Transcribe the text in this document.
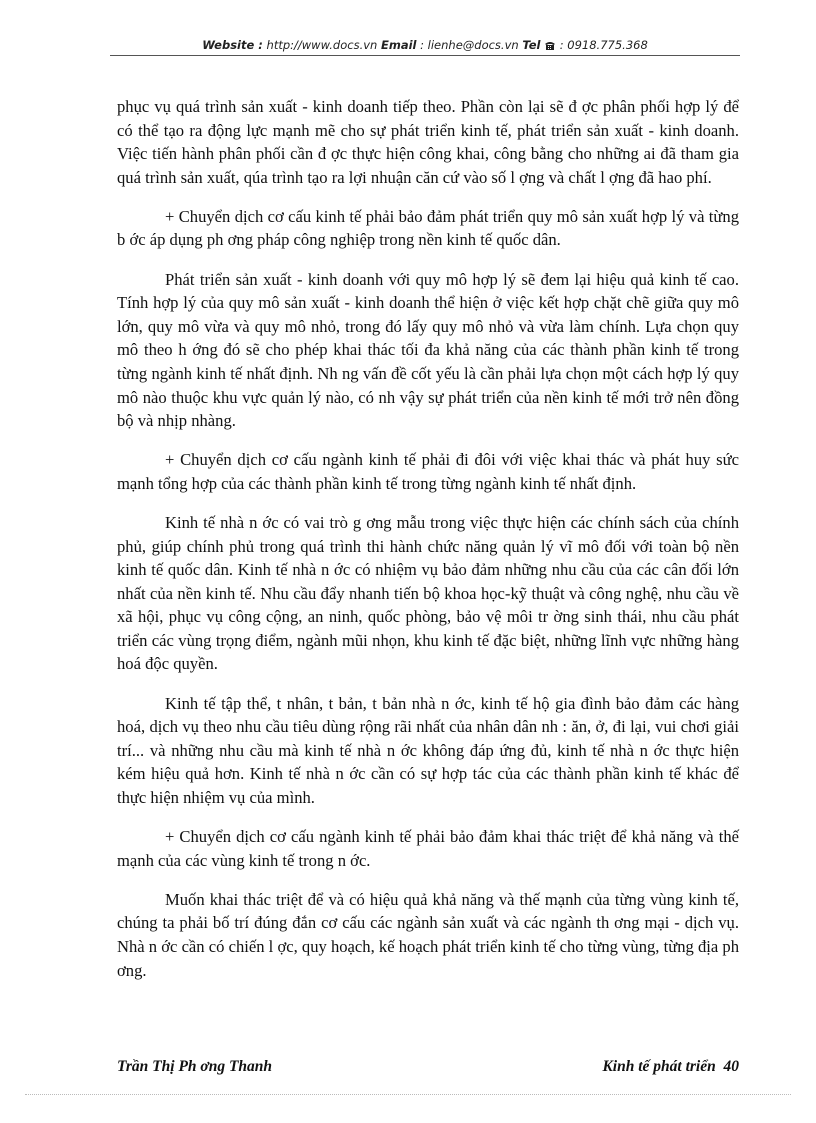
Website : http://www.docs.vn Email : lienhe@docs.vn Tel : 0918.775.368

phục vụ quá trình sản xuất - kinh doanh tiếp theo. Phần còn lại sẽ đ ợc phân phối hợp lý để có thể tạo ra động lực mạnh mẽ cho sự phát triển kinh tế, phát triển sản xuất - kinh doanh. Việc tiến hành phân phối cần đ ợc thực hiện công khai, công bằng cho những ai đã tham gia quá trình sản xuất, qúa trình tạo ra lợi nhuận căn cứ vào số l ợng và chất l ợng đã hao phí.

+ Chuyển dịch cơ cấu kinh tế phải bảo đảm phát triển quy mô sản xuất hợp lý và từng b ớc áp dụng ph ơng pháp công nghiệp trong nền kinh tế quốc dân.

Phát triển sản xuất - kinh doanh với quy mô hợp lý sẽ đem lại hiệu quả kinh tế cao. Tính hợp lý của quy mô sản xuất - kinh doanh thể hiện ở việc kết hợp chặt chẽ giữa quy mô lớn, quy mô vừa và quy mô nhỏ, trong đó lấy quy mô nhỏ và vừa làm chính. Lựa chọn quy mô theo h ớng đó sẽ cho phép khai thác tối đa khả năng của các thành phần kinh tế trong từng ngành kinh tế nhất định. Nh ng vấn đề cốt yếu là cần phải lựa chọn một cách hợp lý quy mô nào thuộc khu vực quản lý nào, có nh vậy sự phát triển của nền kinh tế mới trở nên đồng bộ và nhịp nhàng.

+ Chuyển dịch cơ cấu ngành kinh tế phải đi đôi với việc khai thác và phát huy sức mạnh tổng hợp của các thành phần kinh tế trong từng ngành kinh tế nhất định.

Kinh tế nhà n ớc có vai trò g ơng mẫu trong việc thực hiện các chính sách của chính phủ, giúp chính phủ trong quá trình thi hành chức năng quản lý vĩ mô đối với toàn bộ nền kinh tế quốc dân. Kinh tế nhà n ớc có nhiệm vụ bảo đảm những nhu cầu của các cân đối lớn nhất của nền kinh tế. Nhu cầu đẩy nhanh tiến bộ khoa học-kỹ thuật và công nghệ, nhu cầu về xã hội, phục vụ công cộng, an ninh, quốc phòng, bảo vệ môi tr ờng sinh thái, nhu cầu phát triển các vùng trọng điểm, ngành mũi nhọn, khu kinh tế đặc biệt, những lĩnh vực những hàng hoá độc quyền.

Kinh tế tập thể, t nhân, t bản, t bản nhà n ớc, kinh tế hộ gia đình bảo đảm các hàng hoá, dịch vụ theo nhu cầu tiêu dùng rộng rãi nhất của nhân dân nh : ăn, ở, đi lại, vui chơi giải trí... và những nhu cầu mà kinh tế nhà n ớc không đáp ứng đủ, kinh tế nhà n ớc thực hiện kém hiệu quả hơn. Kinh tế nhà n ớc cần có sự hợp tác của các thành phần kinh tế khác để thực hiện nhiệm vụ của mình.

+ Chuyển dịch cơ cấu ngành kinh tế phải bảo đảm khai thác triệt để khả năng và thế mạnh của các vùng kinh tế trong n ớc.

Muốn khai thác triệt để và có hiệu quả khả năng và thế mạnh của từng vùng kinh tế, chúng ta phải bố trí đúng đắn cơ cấu các ngành sản xuất và các ngành th ơng mại - dịch vụ. Nhà n ớc cần có chiến l ợc, quy hoạch, kế hoạch phát triển kinh tế cho từng vùng, từng địa ph ơng.

Trần Thị Ph ơng Thanh	Kinh tế phát triển 40
